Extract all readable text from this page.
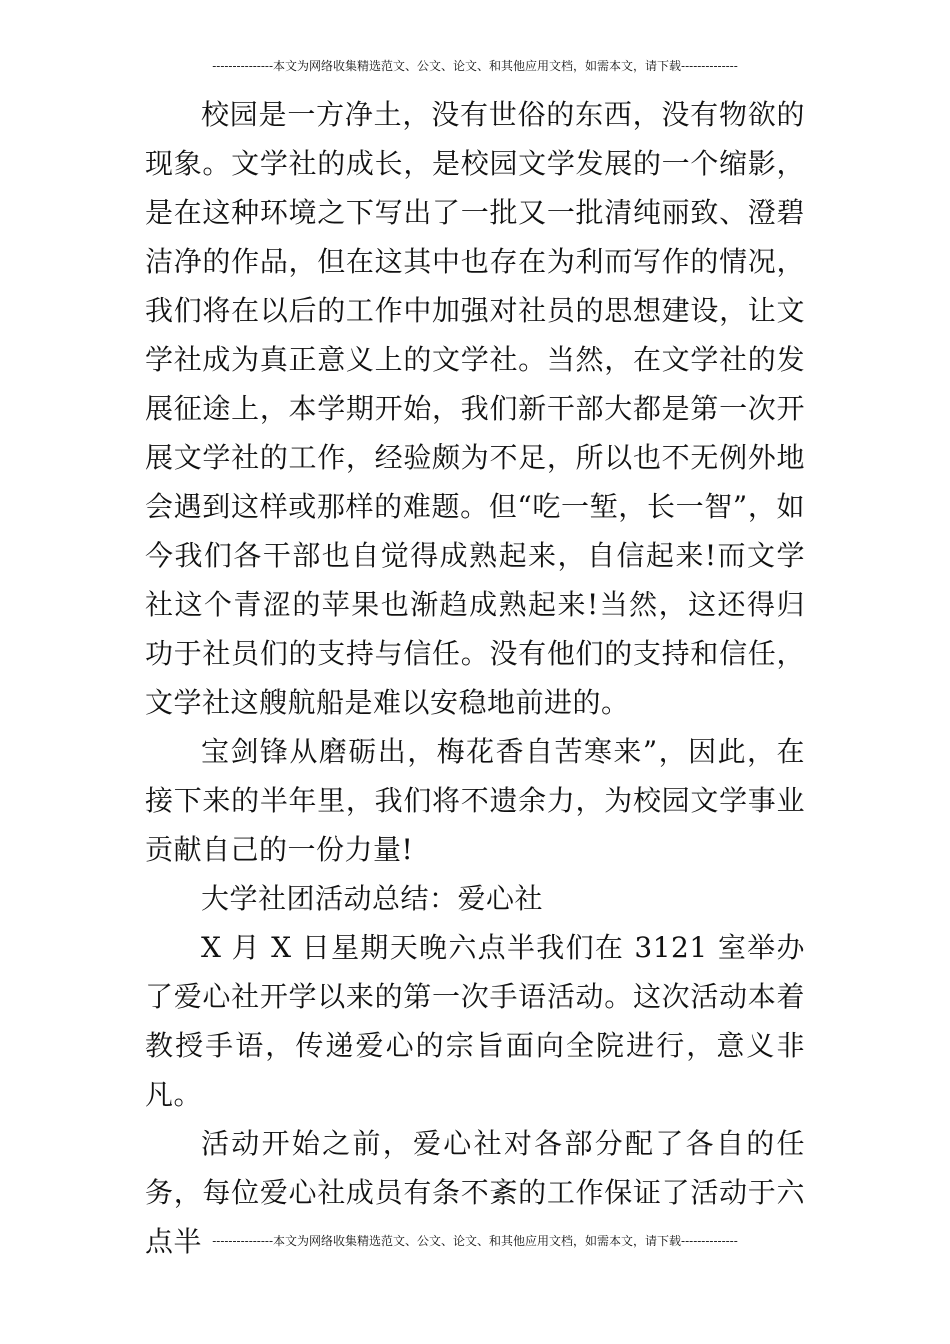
---------------本文为网络收集精选范文、公文、论文、和其他应用文档，如需本文，请下载--------------

校园是一方净土，没有世俗的东西，没有物欲的现象。文学社的成长，是校园文学发展的一个缩影，是在这种环境之下写出了一批又一批清纯丽致、澄碧洁净的作品，但在这其中也存在为利而写作的情况，我们将在以后的工作中加强对社员的思想建设，让文学社成为真正意义上的文学社。当然，在文学社的发展征途上，本学期开始，我们新干部大都是第一次开展文学社的工作，经验颇为不足，所以也不无例外地会遇到这样或那样的难题。但“吃一堑，长一智”，如今我们各干部也自觉得成熟起来，自信起来!而文学社这个青涩的苹果也渐趋成熟起来!当然，这还得归功于社员们的支持与信任。没有他们的支持和信任，文学社这艘航船是难以安稳地前进的。

宝剑锋从磨砺出，梅花香自苦寒来”，因此，在接下来的半年里，我们将不遗余力，为校园文学事业贡献自己的一份力量!

大学社团活动总结：爱心社

X 月 X 日星期天晚六点半我们在 3121 室举办了爱心社开学以来的第一次手语活动。这次活动本着教授手语，传递爱心的宗旨面向全院进行，意义非凡。

活动开始之前，爱心社对各部分配了各自的任务，每位爱心社成员有条不紊的工作保证了活动于六点半 ---------------本文为网络收集精选范文、公文、论文、和其他应用文档，如需本文，请下载--------------
